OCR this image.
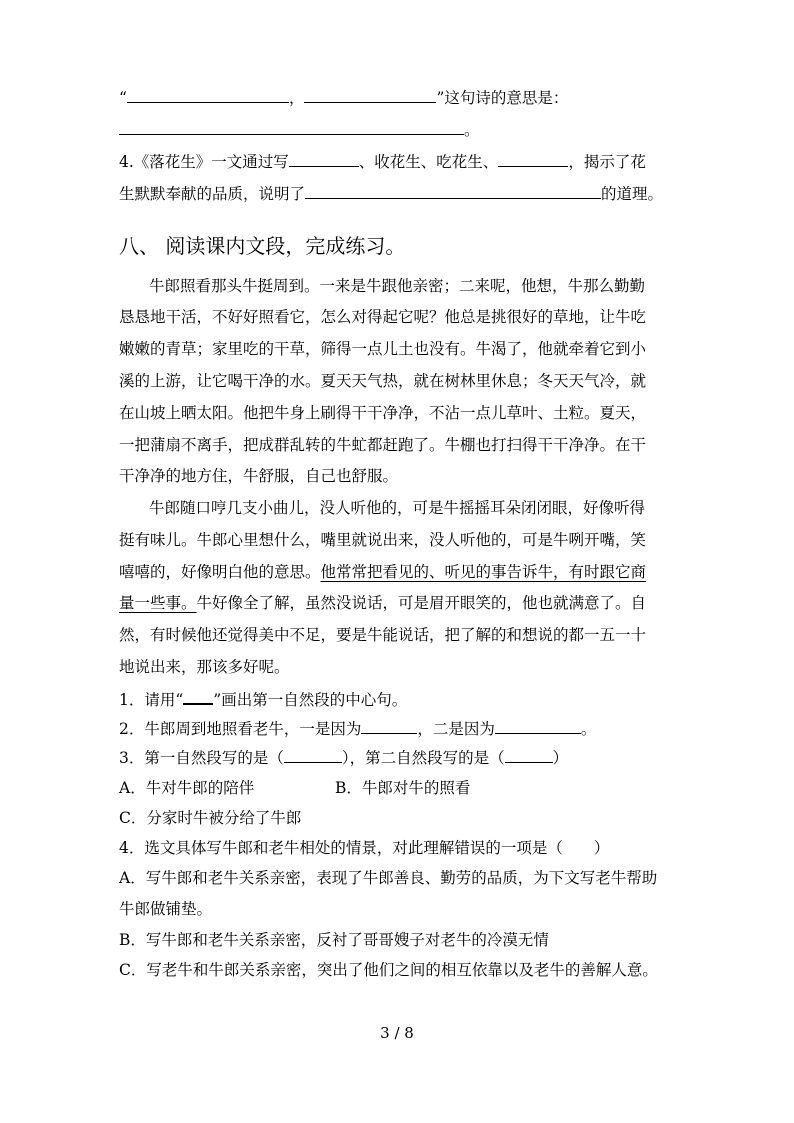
“	，	”这句诗的意思是：
。
4.《落花生》一文通过写	、收花生、吃花生、	，揭示了花
生默默奉献的品质，说明了	的道理。
八、 阅读课内文段，完成练习。
牛郎照看那头牛挺周到。一来是牛跟他亲密；二来呢，他想，牛那么勤勤
恳恳地干活，不好好照看它，怎么对得起它呢？他总是挑很好的草地，让牛吃
嫩嫩的青草；家里吃的干草，筛得一点儿土也没有。牛渴了，他就牵着它到小
溪的上游，让它喝干净的水。夏天天气热，就在树林里休息；冬天天气冷，就
在山坡上晒太阳。他把牛身上刷得干干净净，不沾一点儿草叶、土粒。夏天，
一把蒲扇不离手，把成群乱转的牛虻都赶跑了。牛棚也打扫得干干净净。在干
干净净的地方住，牛舒服，自己也舒服。
牛郎随口哼几支小曲儿，没人听他的，可是牛摇摇耳朵闭闭眼，好像听得
挺有味儿。牛郎心里想什么，嘴里就说出来，没人听他的，可是牛咧开嘴，笑
嘻嘻的，好像明白他的意思。他常常把看见的、听见的事告诉牛，有时跟它商
量一些事。牛好像全了解，虽然没说话，可是眉开眼笑的，他也就满意了。自
然，有时候他还觉得美中不足，要是牛能说话，把了解的和想说的都一五一十
地说出来，那该多好呢。
1．请用“ ”画出第一自然段的中心句。
2．牛郎周到地照看老牛，一是因为	，二是因为	。
3．第一自然段写的是（	），第二自然段写的是（	）
A．牛对牛郎的陪伴	B．牛郎对牛的照看
C．分家时牛被分给了牛郎
4．选文具体写牛郎和老牛相处的情景，对此理解错误的一项是（　　）
A．写牛郎和老牛关系亲密，表现了牛郎善良、勤劳的品质，为下文写老牛帮助
牛郎做铺垫。
B．写牛郎和老牛关系亲密，反衬了哥哥嫂子对老牛的冷漠无情
C．写老牛和牛郎关系亲密，突出了他们之间的相互依靠以及老牛的善解人意。
3 / 8
